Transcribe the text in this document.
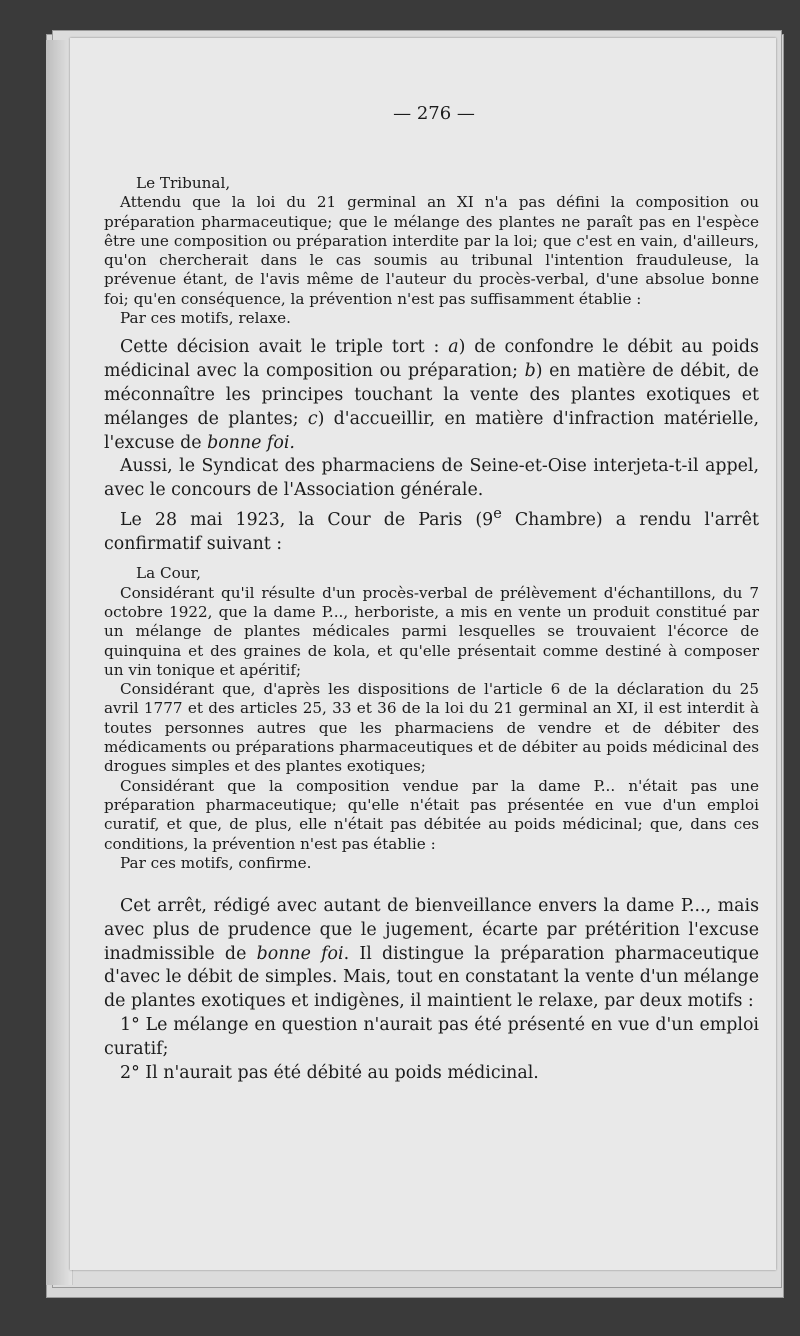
— 276 —

Le Tribunal,

Attendu que la loi du 21 germinal an XI n'a pas défini la composition ou préparation pharmaceutique; que le mélange des plantes ne paraît pas en l'espèce être une composition ou préparation interdite par la loi; que c'est en vain, d'ailleurs, qu'on chercherait dans le cas soumis au tribunal l'intention frauduleuse, la prévenue étant, de l'avis même de l'auteur du procès-verbal, d'une absolue bonne foi; qu'en conséquence, la prévention n'est pas suffisamment établie :

Par ces motifs, relaxe.

Cette décision avait le triple tort : a) de confondre le débit au poids médicinal avec la composition ou préparation; b) en matière de débit, de méconnaître les principes touchant la vente des plantes exotiques et mélanges de plantes; c) d'accueillir, en matière d'infraction matérielle, l'excuse de bonne foi.

Aussi, le Syndicat des pharmaciens de Seine-et-Oise interjeta-t-il appel, avec le concours de l'Association générale.

Le 28 mai 1923, la Cour de Paris (9e Chambre) a rendu l'arrêt confirmatif suivant :

La Cour,

Considérant qu'il résulte d'un procès-verbal de prélèvement d'échantillons, du 7 octobre 1922, que la dame P..., herboriste, a mis en vente un produit constitué par un mélange de plantes médicales parmi lesquelles se trouvaient l'écorce de quinquina et des graines de kola, et qu'elle présentait comme destiné à composer un vin tonique et apéritif;

Considérant que, d'après les dispositions de l'article 6 de la déclaration du 25 avril 1777 et des articles 25, 33 et 36 de la loi du 21 germinal an XI, il est interdit à toutes personnes autres que les pharmaciens de vendre et de débiter des médicaments ou préparations pharmaceutiques et de débiter au poids médicinal des drogues simples et des plantes exotiques;

Considérant que la composition vendue par la dame P... n'était pas une préparation pharmaceutique; qu'elle n'était pas présentée en vue d'un emploi curatif, et que, de plus, elle n'était pas débitée au poids médicinal; que, dans ces conditions, la prévention n'est pas établie :

Par ces motifs, confirme.

Cet arrêt, rédigé avec autant de bienveillance envers la dame P..., mais avec plus de prudence que le jugement, écarte par prétérition l'excuse inadmissible de bonne foi. Il distingue la préparation pharmaceutique d'avec le débit de simples. Mais, tout en constatant la vente d'un mélange de plantes exotiques et indigènes, il maintient le relaxe, par deux motifs :

1° Le mélange en question n'aurait pas été présenté en vue d'un emploi curatif;

2° Il n'aurait pas été débité au poids médicinal.
